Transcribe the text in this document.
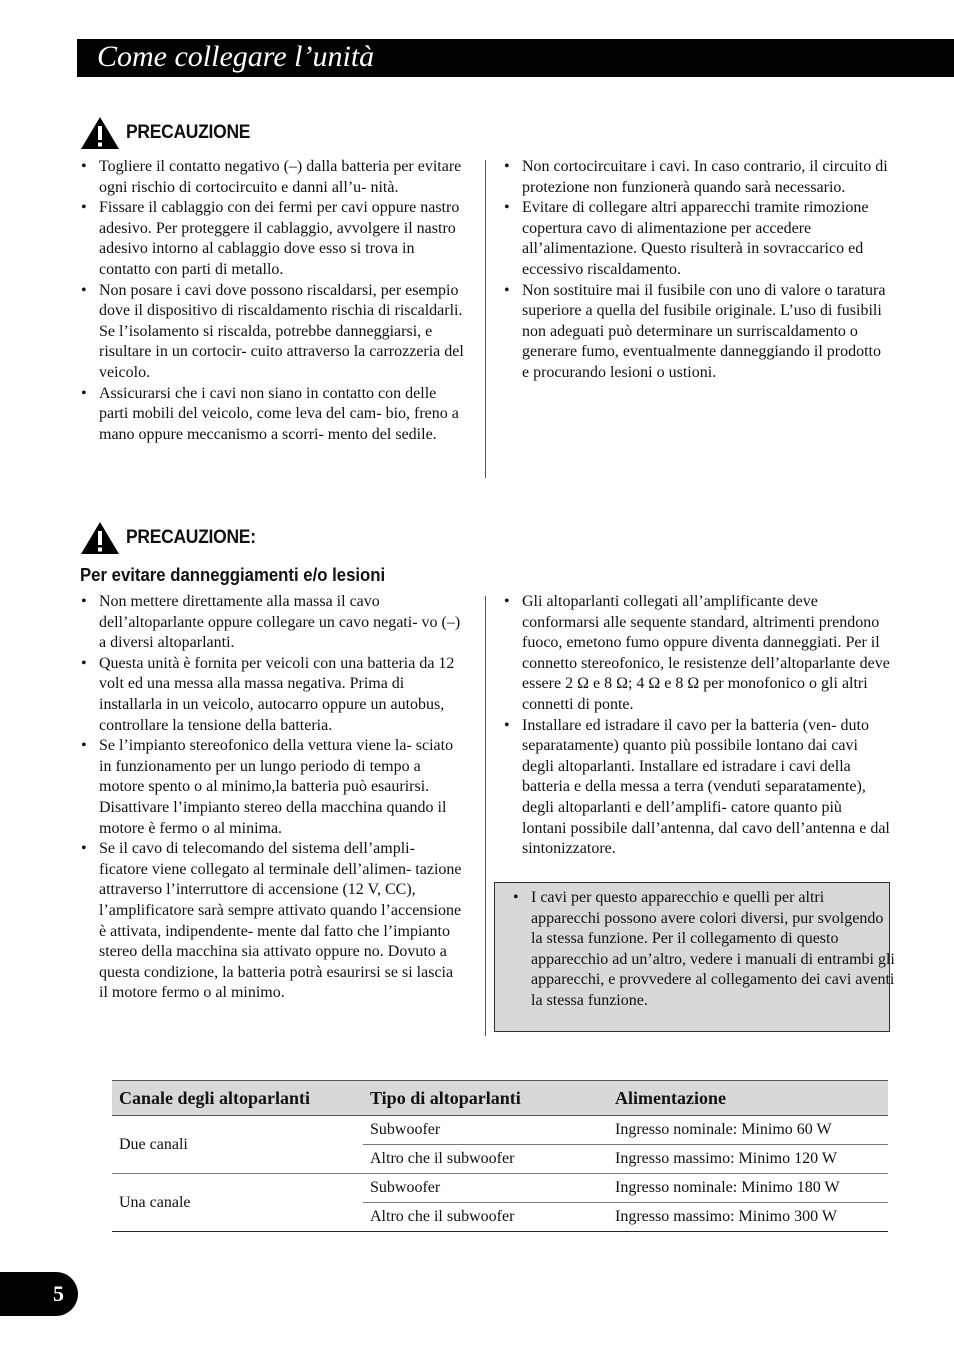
Come collegare l’unità
PRECAUZIONE
• Togliere il contatto negativo (–) dalla batteria per evitare ogni rischio di cortocircuito e danni all’u- nità.
• Fissare il cablaggio con dei fermi per cavi oppure nastro adesivo. Per proteggere il cablaggio, avvolgere il nastro adesivo intorno al cablaggio dove esso si trova in contatto con parti di metallo.
• Non posare i cavi dove possono riscaldarsi, per esempio dove il dispositivo di riscaldamento rischia di riscaldarli. Se l’isolamento si riscalda, potrebbe danneggiarsi, e risultare in un cortocir- cuito attraverso la carrozzeria del veicolo.
• Assicurarsi che i cavi non siano in contatto con delle parti mobili del veicolo, come leva del cam- bio, freno a mano oppure meccanismo a scorri- mento del sedile.
• Non cortocircuitare i cavi. In caso contrario, il circuito di protezione non funzionerà quando sarà necessario.
• Evitare di collegare altri apparecchi tramite rimozione copertura cavo di alimentazione per accedere all’alimentazione. Questo risulterà in sovraccarico ed eccessivo riscaldamento.
• Non sostituire mai il fusibile con uno di valore o taratura superiore a quella del fusibile originale. L’uso di fusibili non adeguati può determinare un surriscaldamento o generare fumo, eventualmente danneggiando il prodotto e procurando lesioni o ustioni.
PRECAUZIONE:
Per evitare danneggiamenti e/o lesioni
• Non mettere direttamente alla massa il cavo dell’altoparlante oppure collegare un cavo negati- vo (–) a diversi altoparlanti.
• Questa unità è fornita per veicoli con una batteria da 12 volt ed una messa alla massa negativa. Prima di installarla in un veicolo, autocarro oppure un autobus, controllare la tensione della batteria.
• Se l’impianto stereofonico della vettura viene la- sciato in funzionamento per un lungo periodo di tempo a motore spento o al minimo,la batteria può esaurirsi. Disattivare l’impianto stereo della macchina quando il motore è fermo o al minima.
• Se il cavo di telecomando del sistema dell’ampli- ficatore viene collegato al terminale dell’alimen- tazione attraverso l’interruttore di accensione (12 V, CC), l’amplificatore sarà sempre attivato quando l’accensione è attivata, indipendente- mente dal fatto che l’impianto stereo della macchina sia attivato oppure no. Dovuto a questa condizione, la batteria potrà esaurirsi se si lascia il motore fermo o al minimo.
• Gli altoparlanti collegati all’amplificante deve conformarsi alle sequente standard, altrimenti prendono fuoco, emetono fumo oppure diventa danneggiati. Per il connetto stereofonico, le resistenze dell’altoparlante deve essere 2 Ω e 8 Ω; 4 Ω e 8 Ω per monofonico o gli altri connetti di ponte.
• Installare ed istradare il cavo per la batteria (ven- duto separatamente) quanto più possibile lontano dai cavi degli altoparlanti. Installare ed istradare i cavi della batteria e della messa a terra (venduti separatamente), degli altoparlanti e dell’amplifi- catore quanto più lontani possibile dall’antenna, dal cavo dell’antenna e dal sintonizzatore.
• I cavi per questo apparecchio e quelli per altri apparecchi possono avere colori diversi, pur svolgendo la stessa funzione. Per il collegamento di questo apparecchio ad un’altro, vedere i manuali di entrambi gli apparecchi, e provvedere al collegamento dei cavi aventi la stessa funzione.
Canale degli altoparlanti	Tipo di altoparlanti	Alimentazione
Due canali	Subwoofer	Ingresso nominale: Minimo 60 W
	Altro che il subwoofer	Ingresso massimo: Minimo 120 W
Una canale	Subwoofer	Ingresso nominale: Minimo 180 W
	Altro che il subwoofer	Ingresso massimo: Minimo 300 W
5
